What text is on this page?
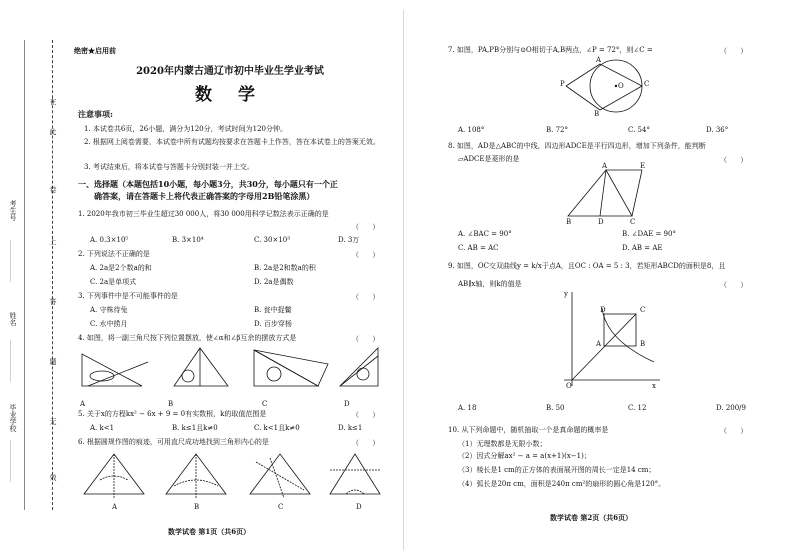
在
此
卷
上
答
题
无
效
考生号
姓名
毕业学校
____________
____________
____________
绝密★启用前
2020年内蒙古通辽市初中毕业生学业考试
数 学
注意事项:
1. 本试卷共6页，26小题，满分为120分，考试时间为120分钟。
2. 根据网上阅卷需要，本试卷中所有试题均按要求在答题卡上作答，答在本试卷上的答案无效。
3. 考试结束后，将本试卷与答题卡分别封装一并上交。
一、选择题（本题包括10小题，每小题3分，共30分，每小题只有一个正
确答案，请在答题卡上将代表正确答案的字母用2B铅笔涂黑）
1. 2020年我市初三毕业生超过30 000人，将30 000用科学记数法表示正确的是
（      ）
A. 0.3×10⁵	B. 3×10⁴	C. 30×10³	D. 3万
2. 下列说法不正确的是	（      ）
A. 2a是2个数a的和	B. 2a是2和数a的积
C. 2a是单项式	D. 2a是偶数
3. 下列事件中是不可能事件的是	（      ）
A. 守株待兔	B. 瓮中捉鳖
C. 水中捞月	D. 百步穿杨
4. 如图，将一副三角尺按下列位置摆放，使∠α和∠β互余的摆放方式是	（      ）
A	B	C	D
5. 关于x的方程kx² − 6x + 9 = 0有实数根，k的取值范围是	（      ）
A. k<1	B. k≤1且k≠0	C. k<1且k≠0	D. k≤1
6. 根据圆规作图的痕迹，可用直尺成功地找到三角形内心的是	（      ）
A	B	C	D
数学试卷 第1页（共6页）
7. 如图，PA,PB分别与⊙O相切于A,B两点，∠P = 72°，则∠C =	（      ）
A
P	O	C
B
A. 108°	B. 72°	C. 54°	D. 36°
8. 如图，AD是△ABC的中线，四边形ADCE是平行四边形，增加下列条件，能判断
▱ADCE是菱形的是	（      ）
A	E
B	D	C
A. ∠BAC = 90°	B. ∠DAE = 90°
C. AB = AC	D. AB = AE
9. 如图，OC交双曲线y = k/x于点A，且OC : OA = 5 : 3，若矩形ABCD的面积是8，且
AB∥x轴，则k的值是	（      ）
y
x
O
D	C
A	B
A. 18	B. 50	C. 12	D. 200/9
10. 从下列命题中，随机抽取一个是真命题的概率是	（      ）
（1）无理数都是无限小数；
（2）因式分解ax² − a = a(x+1)(x−1)；
（3）棱长是1 cm的正方体的表面展开图的周长一定是14 cm；
（4）弧长是20π cm，面积是240π cm²的扇形的圆心角是120°。
数学试卷 第2页（共6页）
